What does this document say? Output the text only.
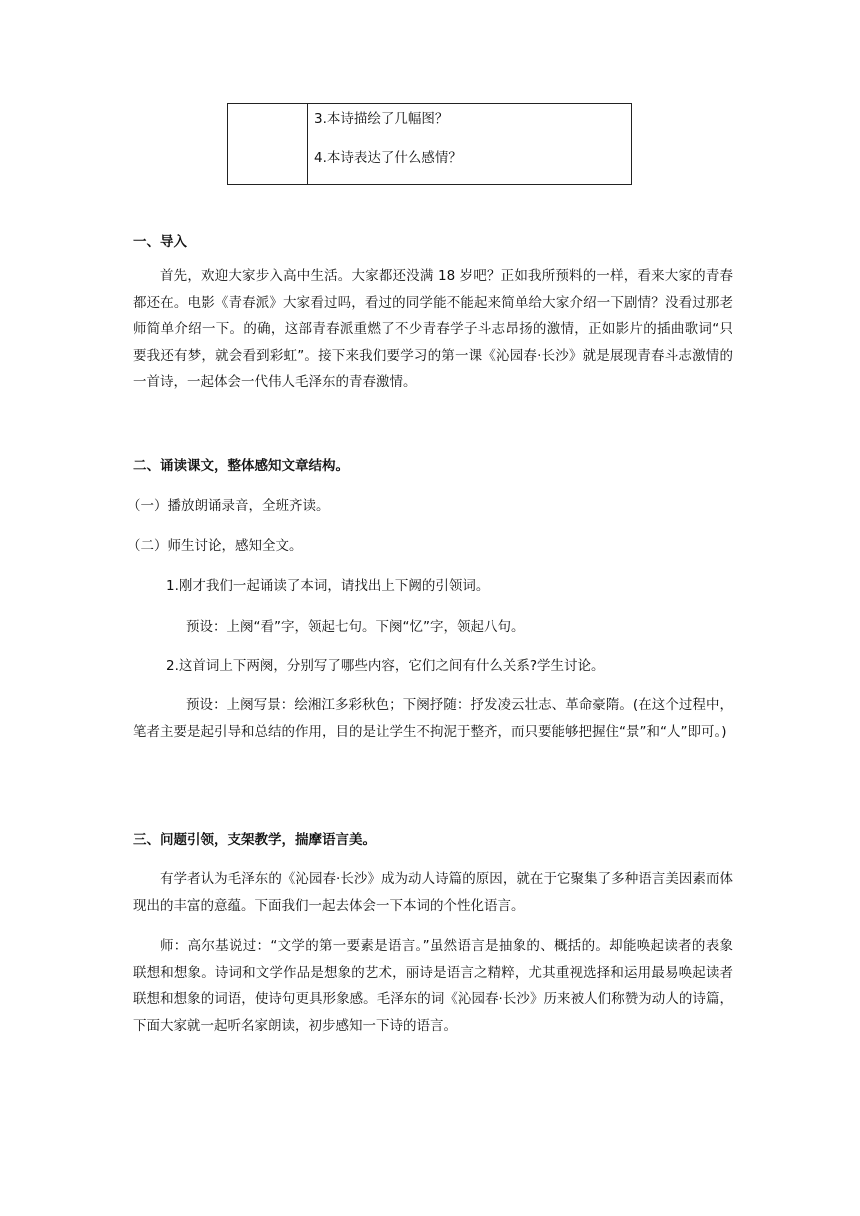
3.本诗描绘了几幅图？
4.本诗表达了什么感情？
一、导入
首先，欢迎大家步入高中生活。大家都还没满 18 岁吧？正如我所预料的一样，看来大家的青春都还在。电影《青春派》大家看过吗，看过的同学能不能起来简单给大家介绍一下剧情？没看过那老师简单介绍一下。的确，这部青春派重燃了不少青春学子斗志昂扬的激情，正如影片的插曲歌词“只要我还有梦，就会看到彩虹”。接下来我们要学习的第一课《沁园春·长沙》就是展现青春斗志激情的一首诗，一起体会一代伟人毛泽东的青春激情。
二、诵读课文，整体感知文章结构。
（一）播放朗诵录音，全班齐读。
（二）师生讨论，感知全文。
1.刚才我们一起诵读了本词，请找出上下阙的引领词。
预设：上阕“看”字，领起七句。下阕“忆”字，领起八句。
2.这首词上下两阕，分别写了哪些内容，它们之间有什么关系?学生讨论。
预设：上阕写景：绘湘江多彩秋色；下阕抒随：抒发凌云壮志、革命豪隋。(在这个过程中，笔者主要是起引导和总结的作用，目的是让学生不拘泥于整齐，而只要能够把握住“景”和“人”即可。)
三、问题引领，支架教学，揣摩语言美。
有学者认为毛泽东的《沁园春·长沙》成为动人诗篇的原因，就在于它聚集了多种语言美因素而体现出的丰富的意蕴。下面我们一起去体会一下本词的个性化语言。
师：高尔基说过：“文学的第一要素是语言。”虽然语言是抽象的、概括的。却能唤起读者的表象联想和想象。诗词和文学作品是想象的艺术，丽诗是语言之精粹，尤其重视选择和运用最易唤起读者联想和想象的词语，使诗句更具形象感。毛泽东的词《沁园春·长沙》历来被人们称赞为动人的诗篇，下面大家就一起听名家朗读，初步感知一下诗的语言。
